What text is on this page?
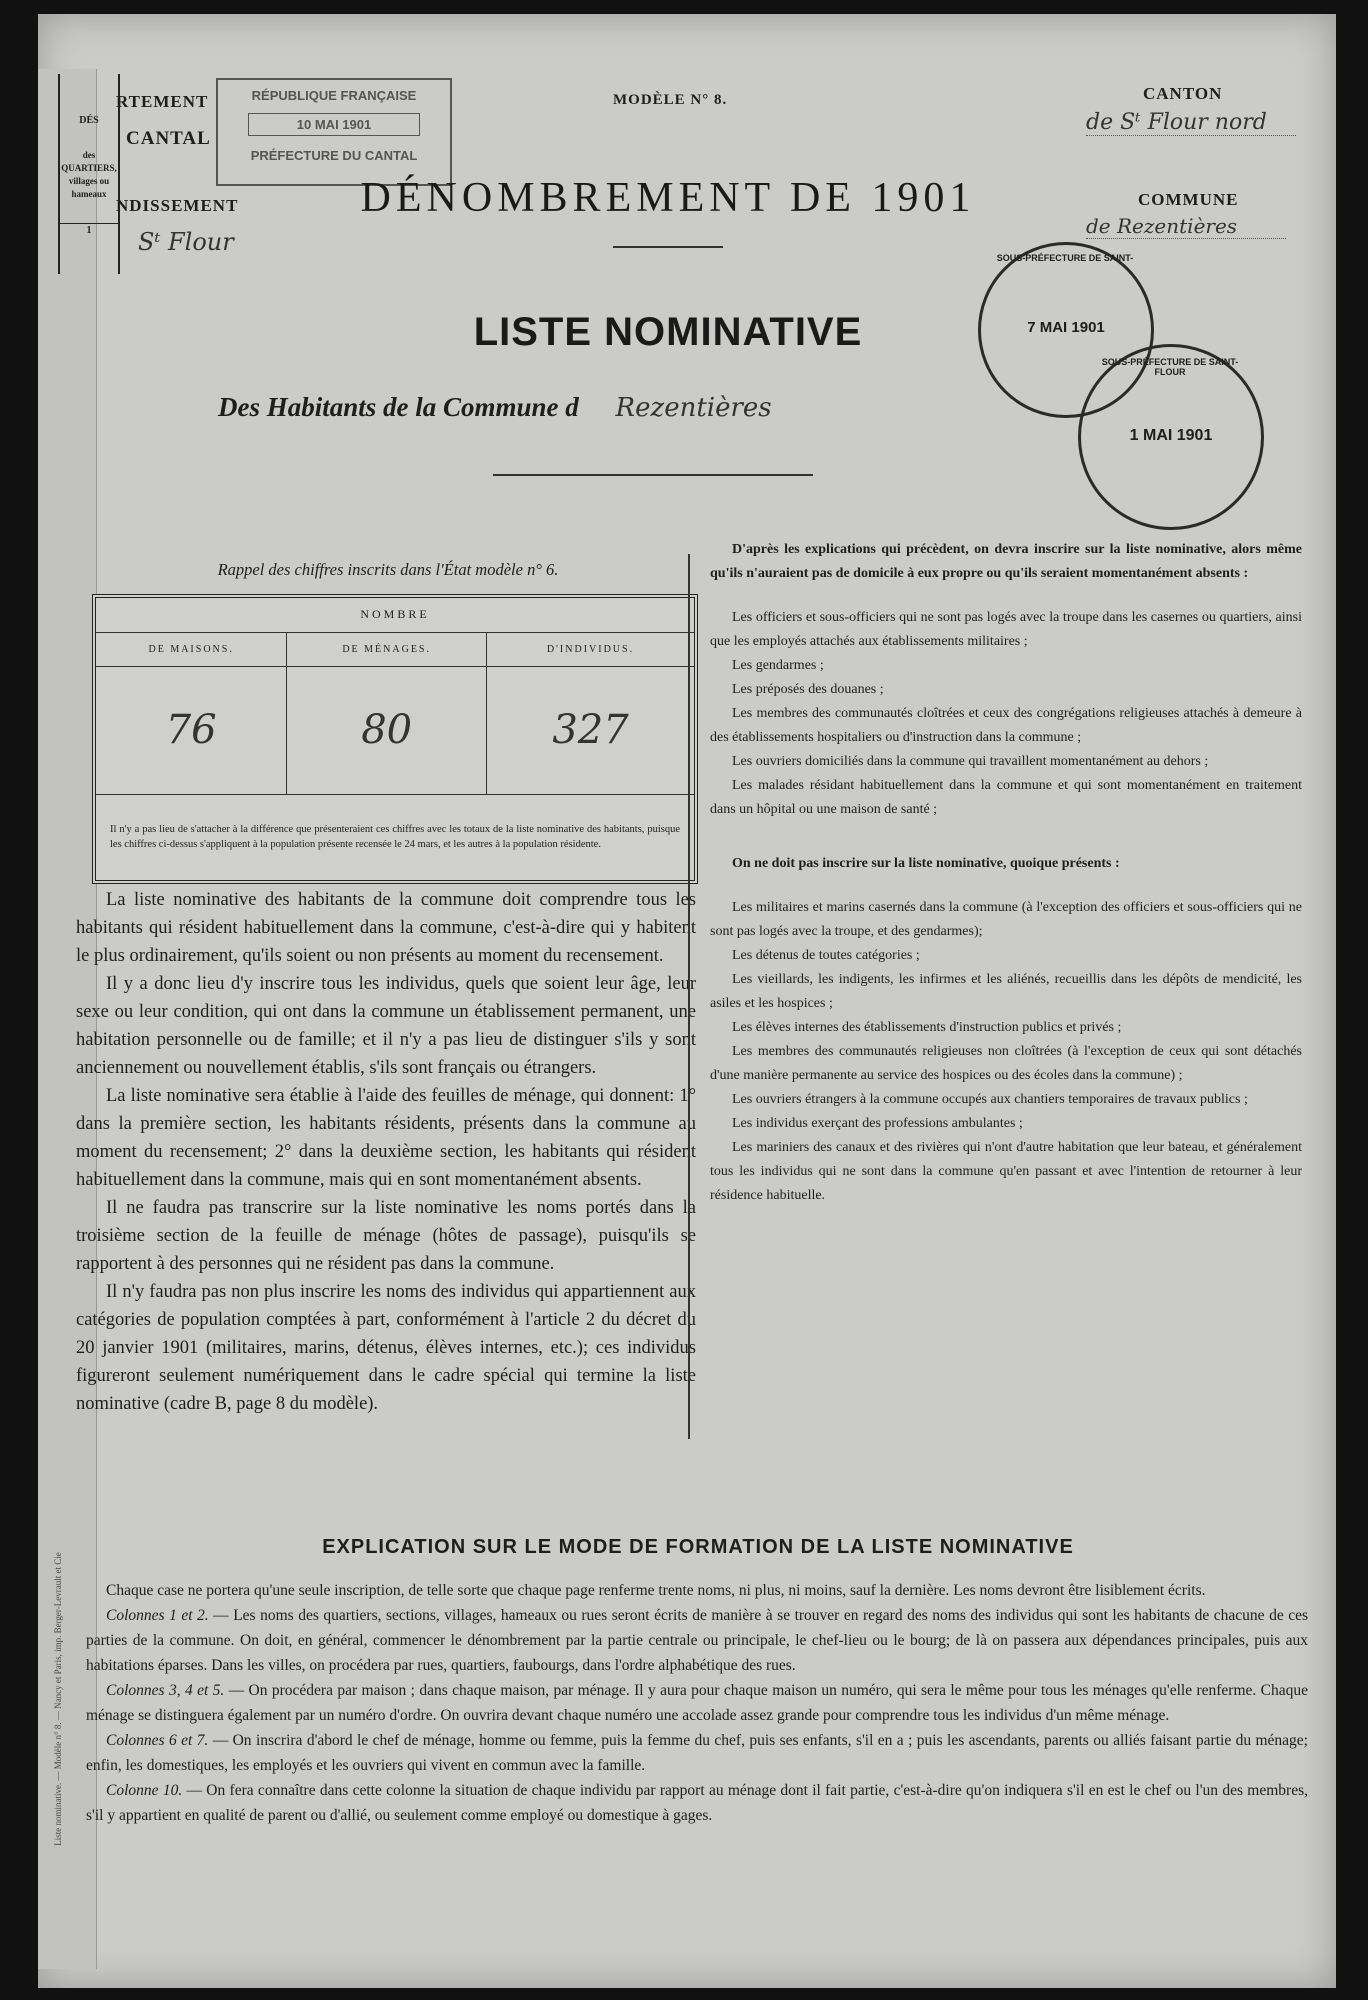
DÉS
des QUARTIERS, villages ou hameaux
1
RTEMENT
CANTAL
NDISSEMENT
Sᵗ Flour
RÉPUBLIQUE FRANÇAISE
10 MAI 1901
PRÉFECTURE DU CANTAL
MODÈLE N° 8.	CANTON
de Sᵗ Flour nord
COMMUNE
de Rezentières
DÉNOMBREMENT DE 1901
LISTE NOMINATIVE
Des Habitants de la Commune d Rezentières
SOUS-PRÉFECTURE DE SAINT-
7 MAI 1901
SOUS-PRÉFECTURE DE SAINT-FLOUR
1 MAI 1901
Rappel des chiffres inscrits dans l'État modèle n° 6.
NOMBRE		
DE MAISONS.	DE MÉNAGES.	D'INDIVIDUS.
76	80	327
Il n'y a pas lieu de s'attacher à la différence que présenteraient ces chiffres avec les totaux de la liste nominative des habitants, puisque les chiffres ci-dessus s'appliquent à la population présente recensée le 24 mars, et les autres à la population résidente.		

La liste nominative des habitants de la commune doit comprendre tous les habitants qui résident habituellement dans la commune, c'est-à-dire qui y habitent le plus ordinairement, qu'ils soient ou non présents au moment du recensement.

Il y a donc lieu d'y inscrire tous les individus, quels que soient leur âge, leur sexe ou leur condition, qui ont dans la commune un établissement permanent, une habitation personnelle ou de famille; et il n'y a pas lieu de distinguer s'ils y sont anciennement ou nouvellement établis, s'ils sont français ou étrangers.

La liste nominative sera établie à l'aide des feuilles de ménage, qui donnent: 1° dans la première section, les habitants résidents, présents dans la commune au moment du recensement; 2° dans la deuxième section, les habitants qui résident habituellement dans la commune, mais qui en sont momentanément absents.

Il ne faudra pas transcrire sur la liste nominative les noms portés dans la troisième section de la feuille de ménage (hôtes de passage), puisqu'ils se rapportent à des personnes qui ne résident pas dans la commune.

Il n'y faudra pas non plus inscrire les noms des individus qui appartiennent aux catégories de population comptées à part, conformément à l'article 2 du décret du 20 janvier 1901 (militaires, marins, détenus, élèves internes, etc.); ces individus figureront seulement numériquement dans le cadre spécial qui termine la liste nominative (cadre B, page 8 du modèle).

D'après les explications qui précèdent, on devra inscrire sur la liste nominative, alors même qu'ils n'auraient pas de domicile à eux propre ou qu'ils seraient momentanément absents :

Les officiers et sous-officiers qui ne sont pas logés avec la troupe dans les casernes ou quartiers, ainsi que les employés attachés aux établissements militaires ;

Les gendarmes ;

Les préposés des douanes ;

Les membres des communautés cloîtrées et ceux des congrégations religieuses attachés à demeure à des établissements hospitaliers ou d'instruction dans la commune ;

Les ouvriers domiciliés dans la commune qui travaillent momentanément au dehors ;

Les malades résidant habituellement dans la commune et qui sont momentanément en traitement dans un hôpital ou une maison de santé ;

On ne doit pas inscrire sur la liste nominative, quoique présents :

Les militaires et marins casernés dans la commune (à l'exception des officiers et sous-officiers qui ne sont pas logés avec la troupe, et des gendarmes);

Les détenus de toutes catégories ;

Les vieillards, les indigents, les infirmes et les aliénés, recueillis dans les dépôts de mendicité, les asiles et les hospices ;

Les élèves internes des établissements d'instruction publics et privés ;

Les membres des communautés religieuses non cloîtrées (à l'exception de ceux qui sont détachés d'une manière permanente au service des hospices ou des écoles dans la commune) ;

Les ouvriers étrangers à la commune occupés aux chantiers temporaires de travaux publics ;

Les individus exerçant des professions ambulantes ;

Les mariniers des canaux et des rivières qui n'ont d'autre habitation que leur bateau, et généralement tous les individus qui ne sont dans la commune qu'en passant et avec l'intention de retourner à leur résidence habituelle.

EXPLICATION SUR LE MODE DE FORMATION DE LA LISTE NOMINATIVE

Chaque case ne portera qu'une seule inscription, de telle sorte que chaque page renferme trente noms, ni plus, ni moins, sauf la dernière. Les noms devront être lisiblement écrits.

Colonnes 1 et 2. — Les noms des quartiers, sections, villages, hameaux ou rues seront écrits de manière à se trouver en regard des noms des individus qui sont les habitants de chacune de ces parties de la commune. On doit, en général, commencer le dénombrement par la partie centrale ou principale, le chef-lieu ou le bourg; de là on passera aux dépendances principales, puis aux habitations éparses. Dans les villes, on procédera par rues, quartiers, faubourgs, dans l'ordre alphabétique des rues.

Colonnes 3, 4 et 5. — On procédera par maison ; dans chaque maison, par ménage. Il y aura pour chaque maison un numéro, qui sera le même pour tous les ménages qu'elle renferme. Chaque ménage se distinguera également par un numéro d'ordre. On ouvrira devant chaque numéro une accolade assez grande pour comprendre tous les individus d'un même ménage.

Colonnes 6 et 7. — On inscrira d'abord le chef de ménage, homme ou femme, puis la femme du chef, puis ses enfants, s'il en a ; puis les ascendants, parents ou alliés faisant partie du ménage; enfin, les domestiques, les employés et les ouvriers qui vivent en commun avec la famille.

Colonne 10. — On fera connaître dans cette colonne la situation de chaque individu par rapport au ménage dont il fait partie, c'est-à-dire qu'on indiquera s'il en est le chef ou l'un des membres, s'il y appartient en qualité de parent ou d'allié, ou seulement comme employé ou domestique à gages.

Liste nominative. — Modèle n° 8. — Nancy et Paris, imp. Berger-Levrault et Cie
